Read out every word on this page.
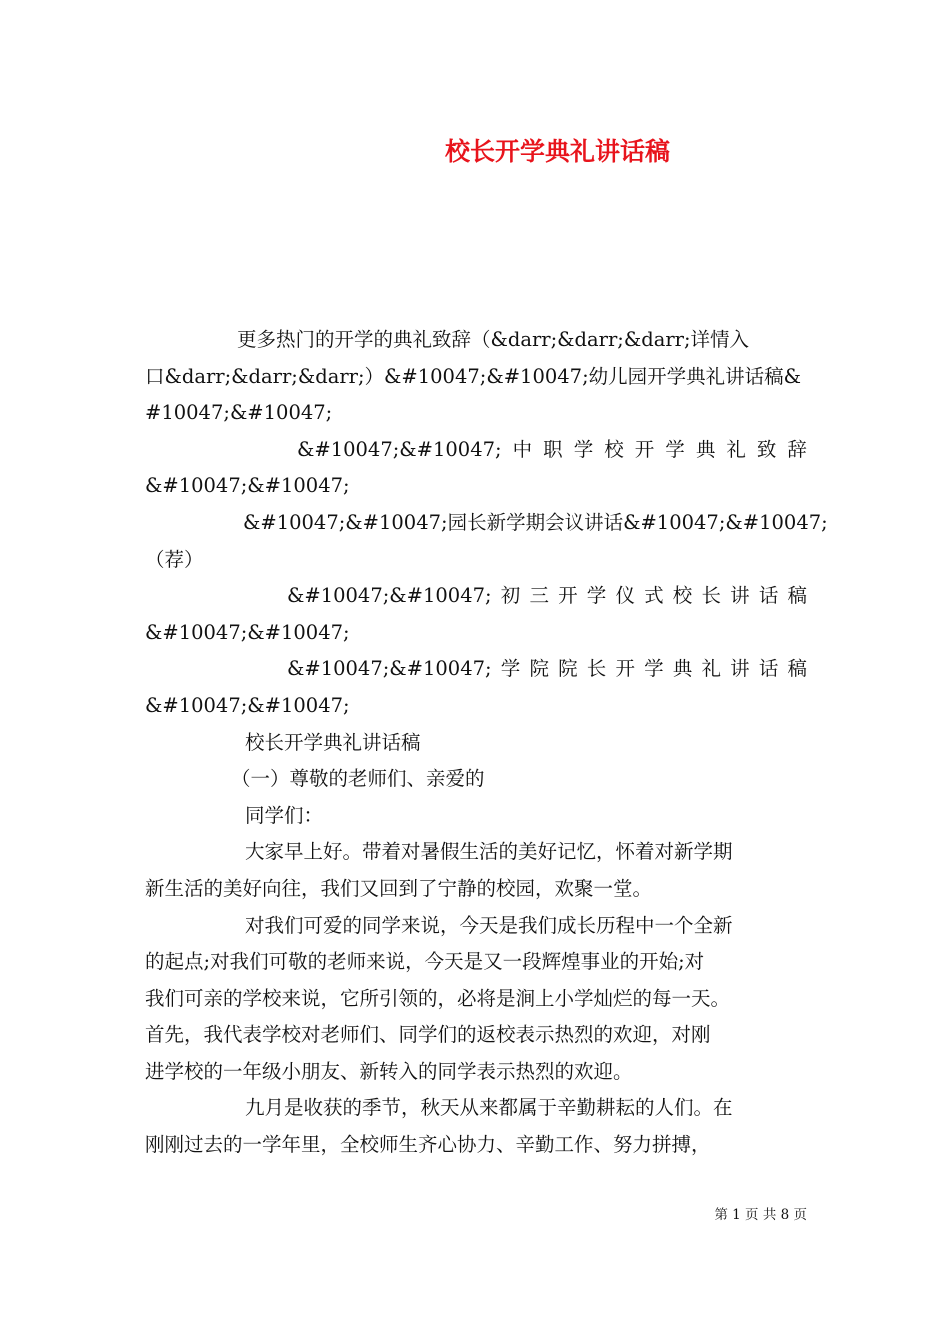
校长开学典礼讲话稿

更多热门的开学的典礼致辞（&darr;&darr;&darr;详情入

口&darr;&darr;&darr;）&#10047;&#10047;幼儿园开学典礼讲话稿&

#10047;&#10047;

&#10047;&#10047; 中 职 学 校 开 学 典 礼 致 辞

&#10047;&#10047;

&#10047;&#10047;园长新学期会议讲话&#10047;&#10047;

（荐）

&#10047;&#10047; 初 三 开 学 仪 式 校 长 讲 话 稿

&#10047;&#10047;

&#10047;&#10047; 学 院 院 长 开 学 典 礼 讲 话 稿

&#10047;&#10047;

校长开学典礼讲话稿

（一）尊敬的老师们、亲爱的

同学们：

大家早上好。带着对暑假生活的美好记忆，怀着对新学期

新生活的美好向往，我们又回到了宁静的校园，欢聚一堂。

对我们可爱的同学来说，今天是我们成长历程中一个全新

的起点;对我们可敬的老师来说，今天是又一段辉煌事业的开始;对

我们可亲的学校来说，它所引领的，必将是涧上小学灿烂的每一天。

首先，我代表学校对老师们、同学们的返校表示热烈的欢迎，对刚

进学校的一年级小朋友、新转入的同学表示热烈的欢迎。

九月是收获的季节，秋天从来都属于辛勤耕耘的人们。在

刚刚过去的一学年里，全校师生齐心协力、辛勤工作、努力拼搏，

第 1 页 共 8 页
